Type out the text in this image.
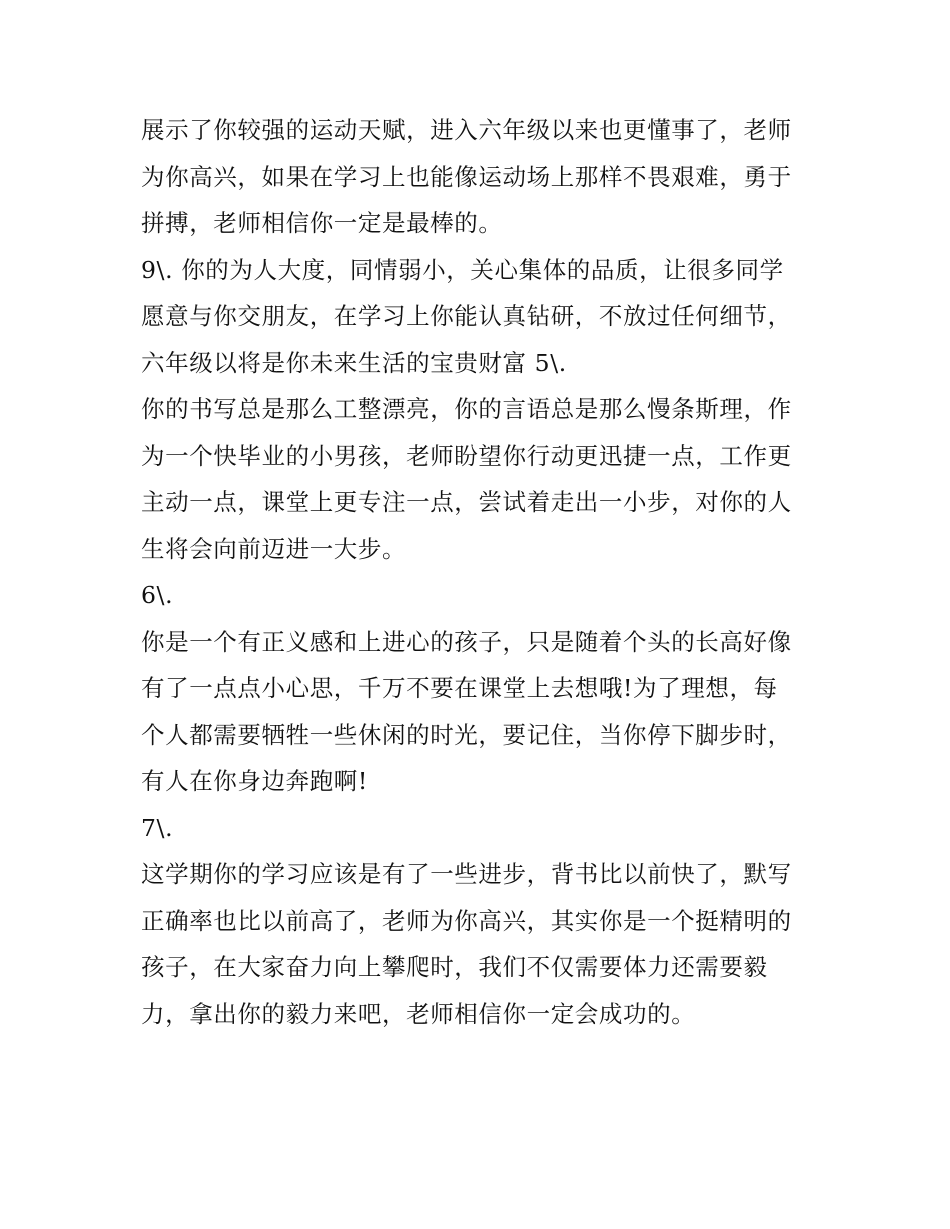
展示了你较强的运动天赋，进入六年级以来也更懂事了，老师
为你高兴，如果在学习上也能像运动场上那样不畏艰难，勇于
拼搏，老师相信你一定是最棒的。
9\. 你的为人大度，同情弱小，关心集体的品质，让很多同学
愿意与你交朋友，在学习上你能认真钻研，不放过任何细节，
六年级以将是你未来生活的宝贵财富 5\.
你的书写总是那么工整漂亮，你的言语总是那么慢条斯理，作
为一个快毕业的小男孩，老师盼望你行动更迅捷一点，工作更
主动一点，课堂上更专注一点，尝试着走出一小步，对你的人
生将会向前迈进一大步。
6\.
你是一个有正义感和上进心的孩子，只是随着个头的长高好像
有了一点点小心思，千万不要在课堂上去想哦!为了理想，每
个人都需要牺牲一些休闲的时光，要记住，当你停下脚步时，
有人在你身边奔跑啊!
7\.
这学期你的学习应该是有了一些进步，背书比以前快了，默写
正确率也比以前高了，老师为你高兴，其实你是一个挺精明的
孩子，在大家奋力向上攀爬时，我们不仅需要体力还需要毅
力，拿出你的毅力来吧，老师相信你一定会成功的。
